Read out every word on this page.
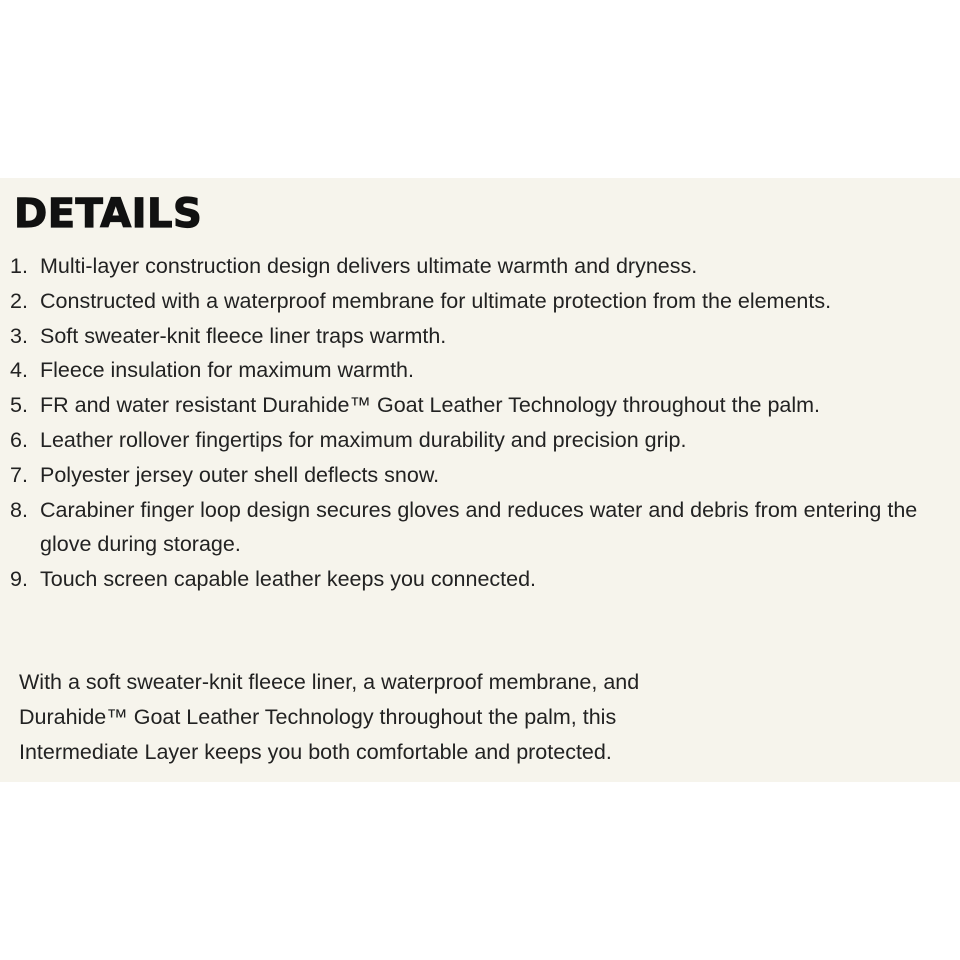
DETAILS
1. Multi-layer construction design delivers ultimate warmth and dryness.
2. Constructed with a waterproof membrane for ultimate protection from the elements.
3. Soft sweater-knit fleece liner traps warmth.
4. Fleece insulation for maximum warmth.
5. FR and water resistant Durahide™ Goat Leather Technology throughout the palm.
6. Leather rollover fingertips for maximum durability and precision grip.
7. Polyester jersey outer shell deflects snow.
8. Carabiner finger loop design secures gloves and reduces water and debris from entering the glove during storage.
9. Touch screen capable leather keeps you connected.

With a soft sweater-knit fleece liner, a waterproof membrane, and Durahide™ Goat Leather Technology throughout the palm, this Intermediate Layer keeps you both comfortable and protected.
